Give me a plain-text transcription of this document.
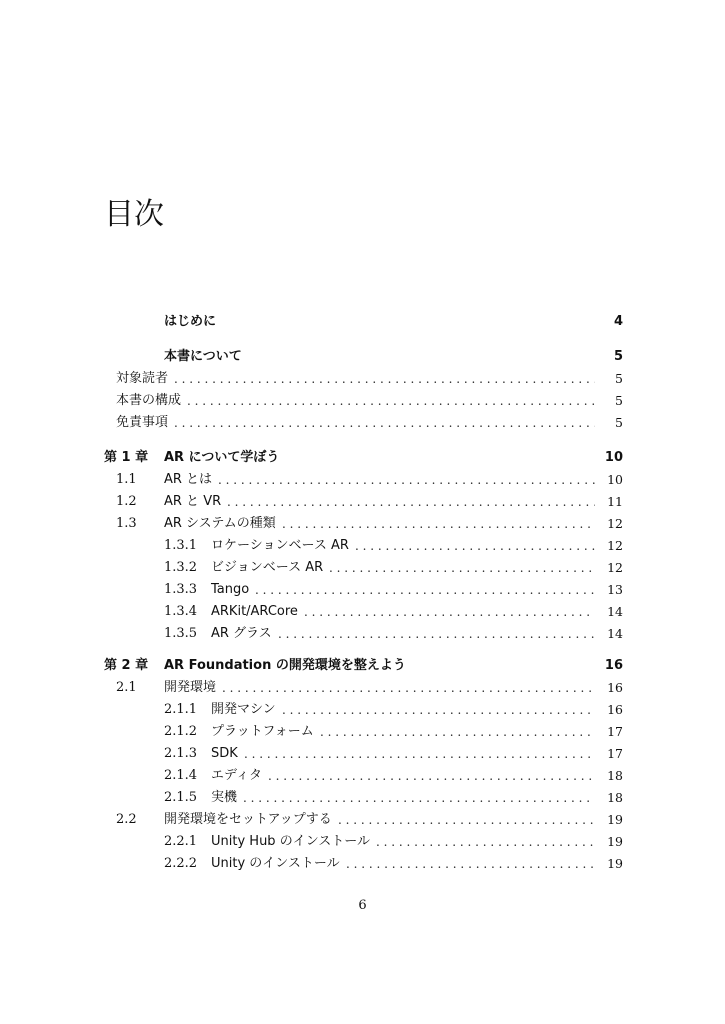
目次
はじめに	4
本書について	5
. . .
対象読者	5
. . .
本書の構成	5
. . .
免責事項	5
第 1 章 AR について学ぼう	10
1.1 . . . AR とは	10
1.2 . . . AR と VR	11
1.3 . . . AR システムの種類	12
1.3.1 . . . ロケーションベース AR	12
1.3.2 . . . ビジョンベース AR	12
1.3.3 . . . Tango	13
1.3.4 . . . ARKit/ARCore	14
1.3.5 . . . AR グラス	14
第 2 章 AR Foundation の開発環境を整えよう	16
2.1 . . . 開発環境	16
2.1.1 . . . 開発マシン	16
2.1.2 . . . プラットフォーム	17
2.1.3 . . . SDK	17
2.1.4 . . . エディタ	18
2.1.5 . . . 実機	18
2.2 . . . 開発環境をセットアップする	19
2.2.1 . . . Unity Hub のインストール	19
2.2.2 . . . Unity のインストール	19
6
